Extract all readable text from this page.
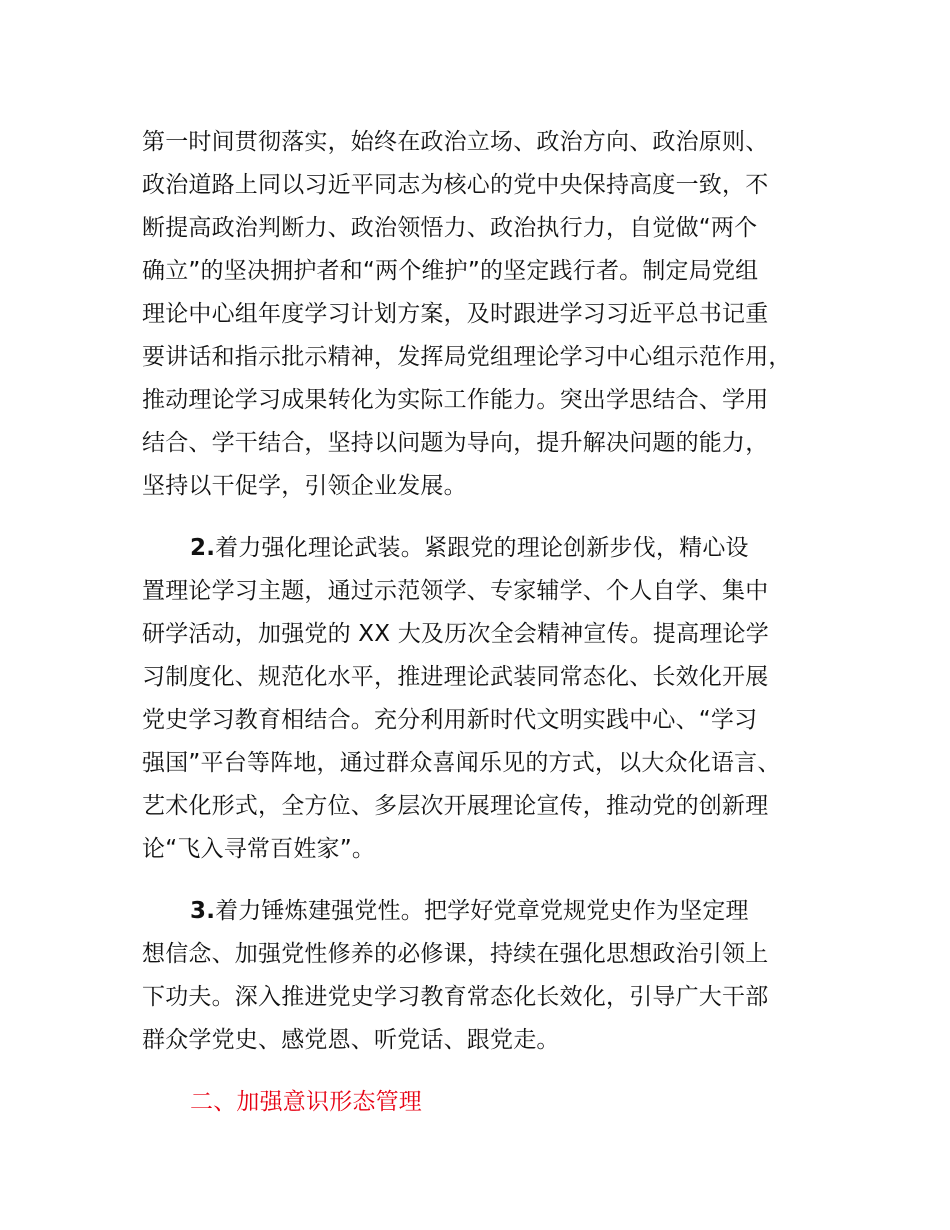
第一时间贯彻落实，始终在政治立场、政治方向、政治原则、
政治道路上同以习近平同志为核心的党中央保持高度一致，不
断提高政治判断力、政治领悟力、政治执行力，自觉做“两个
确立”的坚决拥护者和“两个维护”的坚定践行者。制定局党组
理论中心组年度学习计划方案，及时跟进学习习近平总书记重
要讲话和指示批示精神，发挥局党组理论学习中心组示范作用，
推动理论学习成果转化为实际工作能力。突出学思结合、学用
结合、学干结合，坚持以问题为导向，提升解决问题的能力，
坚持以干促学，引领企业发展。
2.着力强化理论武装。紧跟党的理论创新步伐，精心设
置理论学习主题，通过示范领学、专家辅学、个人自学、集中
研学活动，加强党的 XX 大及历次全会精神宣传。提高理论学
习制度化、规范化水平，推进理论武装同常态化、长效化开展
党史学习教育相结合。充分利用新时代文明实践中心、“学习
强国”平台等阵地，通过群众喜闻乐见的方式，以大众化语言、
艺术化形式，全方位、多层次开展理论宣传，推动党的创新理
论“飞入寻常百姓家”。
3.着力锤炼建强党性。把学好党章党规党史作为坚定理
想信念、加强党性修养的必修课，持续在强化思想政治引领上
下功夫。深入推进党史学习教育常态化长效化，引导广大干部
群众学党史、感党恩、听党话、跟党走。
二、加强意识形态管理
